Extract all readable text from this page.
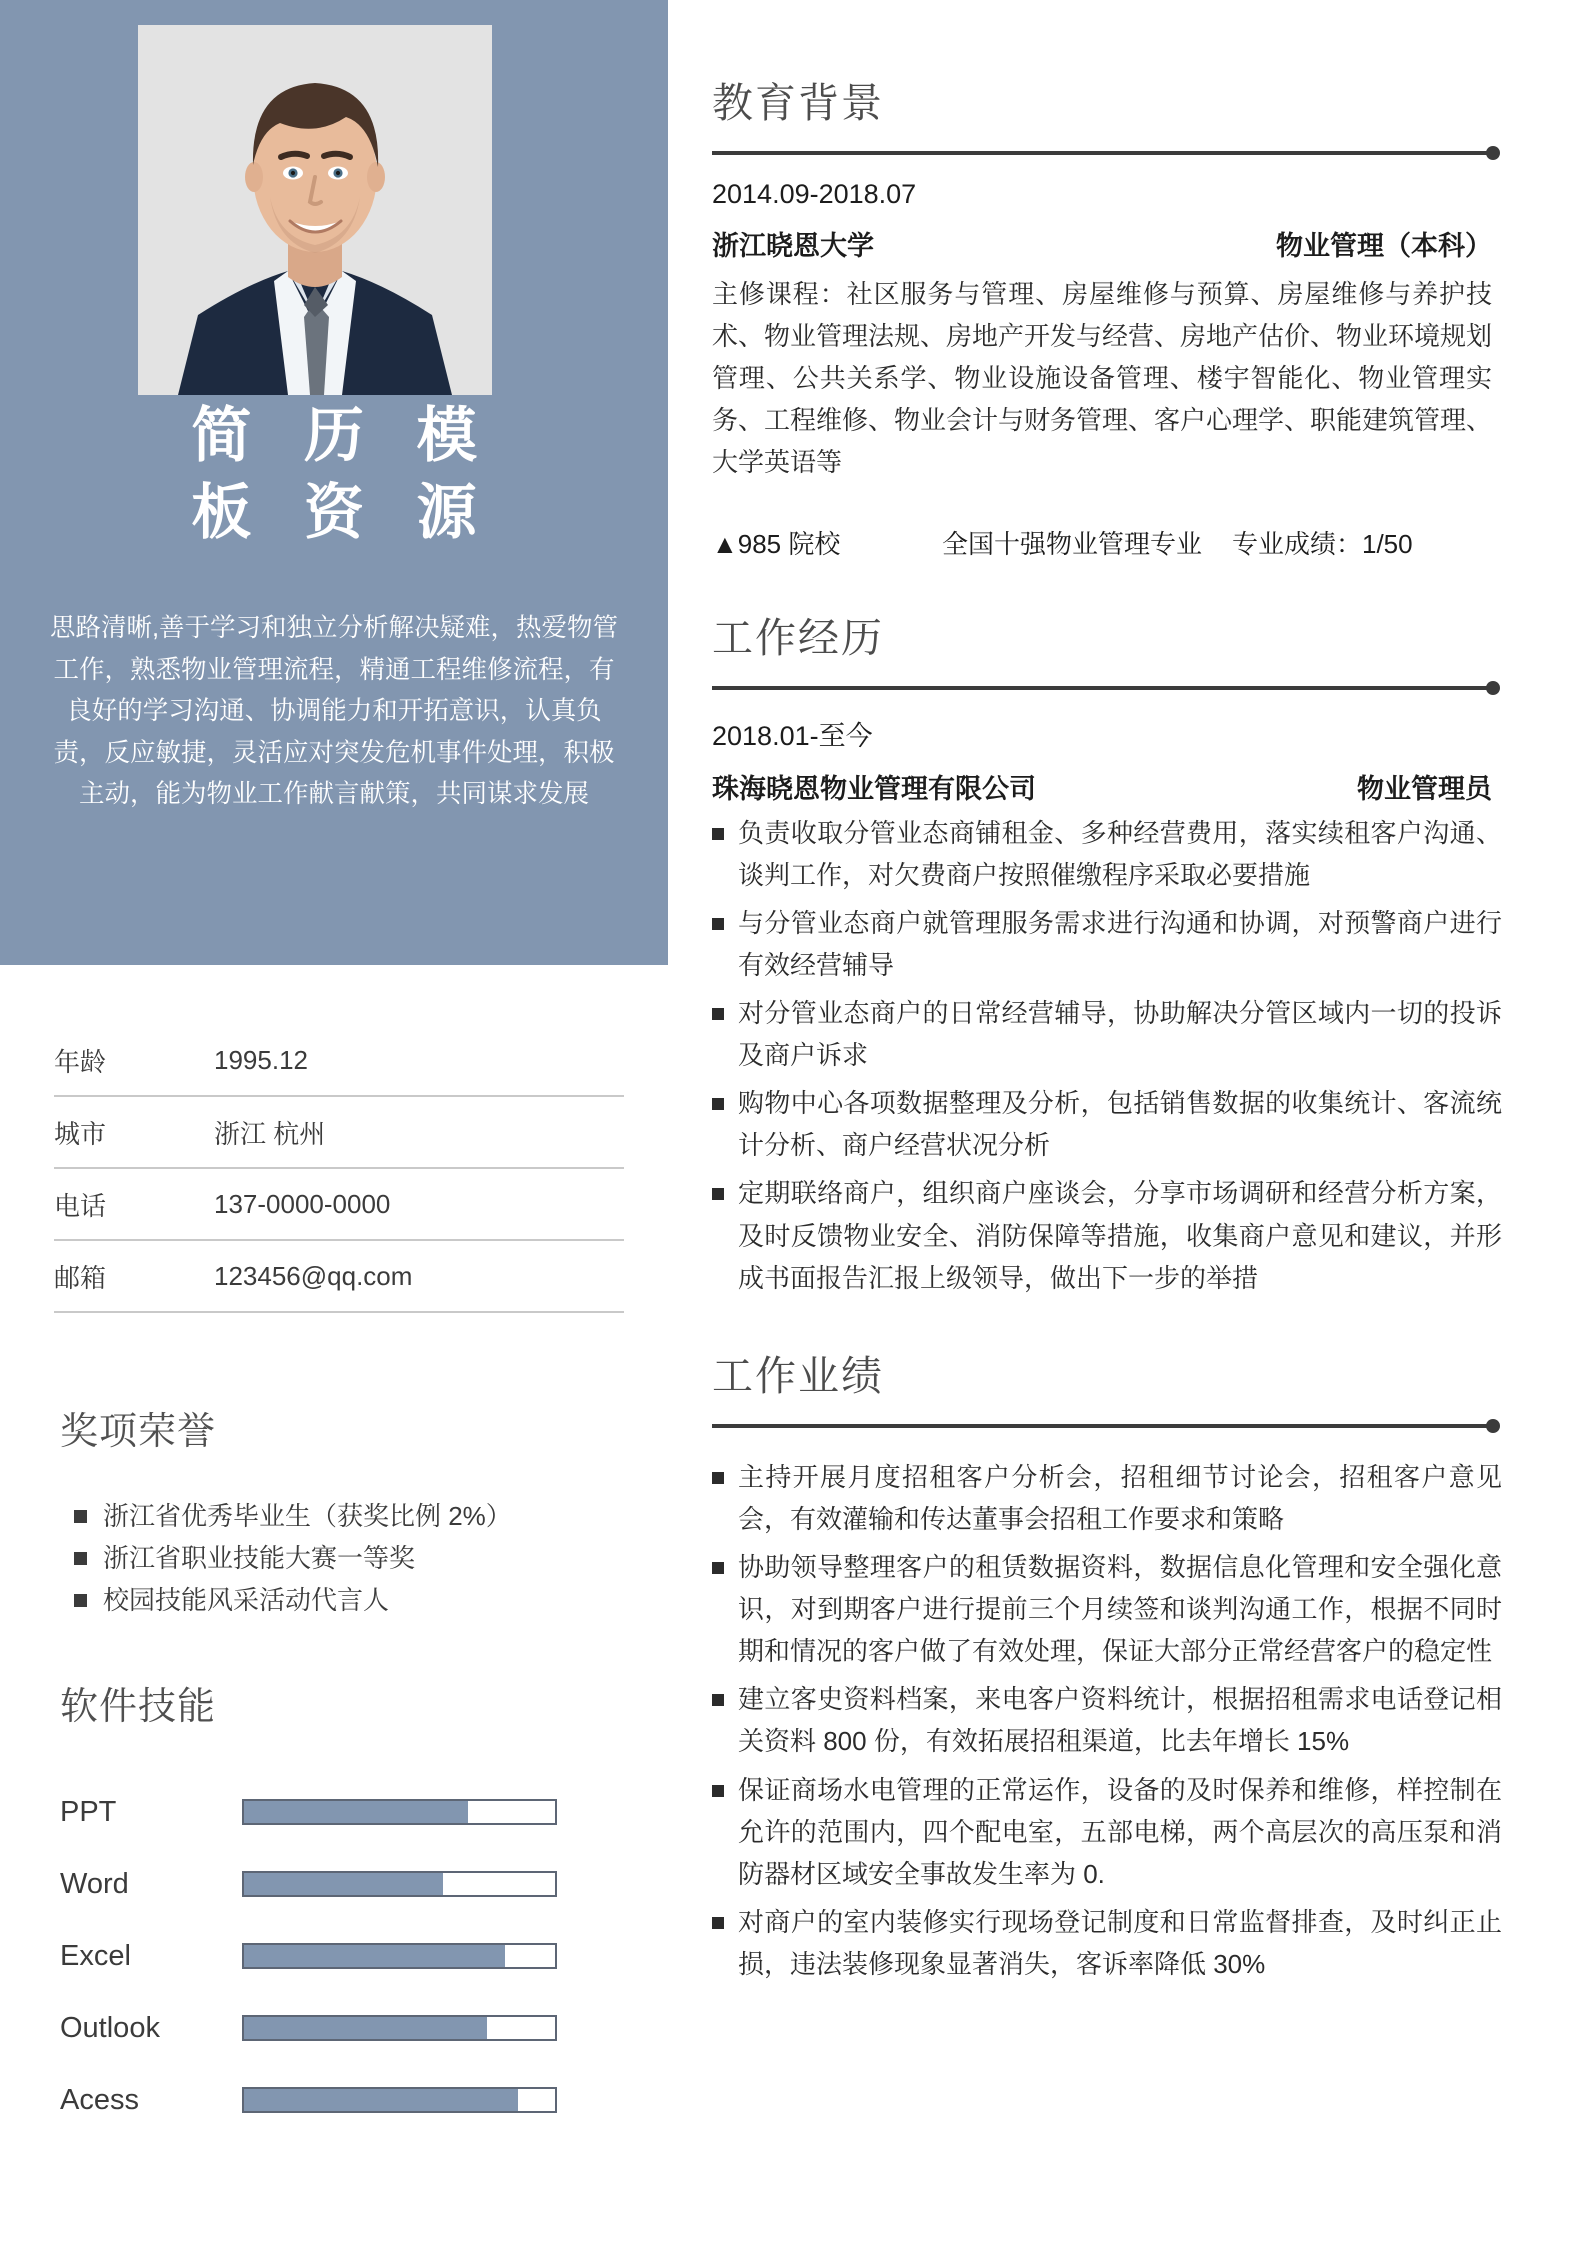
简 历 模
板 资 源
思路清晰,善于学习和独立分析解决疑难，热爱物管工作，熟悉物业管理流程，精通工程维修流程，有良好的学习沟通、协调能力和开拓意识，认真负责，反应敏捷，灵活应对突发危机事件处理，积极主动，能为物业工作献言献策，共同谋求发展
年龄	1995.12
城市	浙江 杭州
电话	137-0000-0000
邮箱	123456@qq.com
奖项荣誉
浙江省优秀毕业生（获奖比例 2%）
浙江省职业技能大赛一等奖
校园技能风采活动代言人
软件技能
PPT
Word
Excel
Outlook
Acess
教育背景
2014.09-2018.07
浙江晓恩大学	物业管理（本科）
主修课程：社区服务与管理、房屋维修与预算、房屋维修与养护技术、物业管理法规、房地产开发与经营、房地产估价、物业环境规划管理、公共关系学、物业设施设备管理、楼宇智能化、物业管理实务、工程维修、物业会计与财务管理、客户心理学、职能建筑管理、大学英语等
▲985 院校	全国十强物业管理专业	专业成绩：1/50
工作经历
2018.01-至今
珠海晓恩物业管理有限公司	物业管理员
负责收取分管业态商铺租金、多种经营费用，落实续租客户沟通、谈判工作，对欠费商户按照催缴程序采取必要措施
与分管业态商户就管理服务需求进行沟通和协调，对预警商户进行有效经营辅导
对分管业态商户的日常经营辅导，协助解决分管区域内一切的投诉及商户诉求
购物中心各项数据整理及分析，包括销售数据的收集统计、客流统计分析、商户经营状况分析
定期联络商户，组织商户座谈会，分享市场调研和经营分析方案，及时反馈物业安全、消防保障等措施，收集商户意见和建议，并形成书面报告汇报上级领导，做出下一步的举措
工作业绩
主持开展月度招租客户分析会，招租细节讨论会，招租客户意见会，有效灌输和传达董事会招租工作要求和策略
协助领导整理客户的租赁数据资料，数据信息化管理和安全强化意识，对到期客户进行提前三个月续签和谈判沟通工作，根据不同时期和情况的客户做了有效处理，保证大部分正常经营客户的稳定性
建立客史资料档案，来电客户资料统计，根据招租需求电话登记相关资料 800 份，有效拓展招租渠道，比去年增长 15%
保证商场水电管理的正常运作，设备的及时保养和维修，样控制在允许的范围内，四个配电室，五部电梯，两个高层次的高压泵和消防器材区域安全事故发生率为 0.
对商户的室内装修实行现场登记制度和日常监督排查，及时纠正止损，违法装修现象显著消失，客诉率降低 30%
